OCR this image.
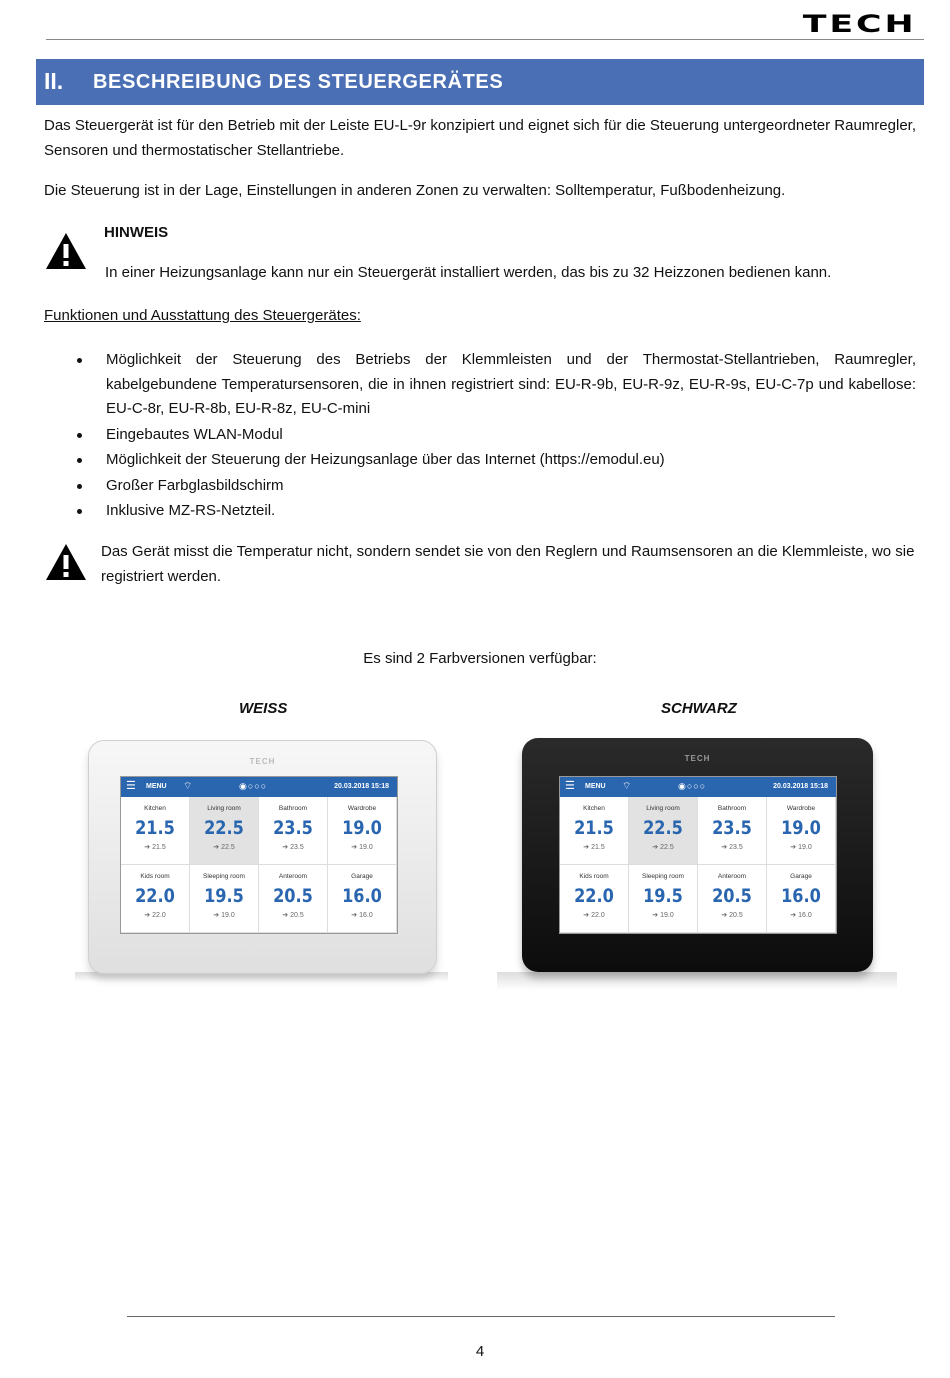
TECH
II. BESCHREIBUNG DES STEUERGERÄTES
Das Steuergerät ist für den Betrieb mit der Leiste EU-L-9r konzipiert und eignet sich für die Steuerung untergeordneter Raumregler, Sensoren und thermostatischer Stellantriebe.
Die Steuerung ist in der Lage, Einstellungen in anderen Zonen zu verwalten: Solltemperatur, Fußbodenheizung.
HINWEIS
In einer Heizungsanlage kann nur ein Steuergerät installiert werden, das bis zu 32 Heizzonen bedienen kann.
Funktionen und Ausstattung des Steuergerätes:
Möglichkeit der Steuerung des Betriebs der Klemmleisten und der Thermostat-Stellantrieben, Raumregler, kabelgebundene Temperatursensoren, die in ihnen registriert sind: EU-R-9b, EU-R-9z, EU-R-9s, EU-C-7p und kabellose: EU-C-8r, EU-R-8b, EU-R-8z, EU-C-mini
Eingebautes WLAN-Modul
Möglichkeit der Steuerung der Heizungsanlage über das Internet (https://emodul.eu)
Großer Farbglasbildschirm
Inklusive MZ-RS-Netzteil.
Das Gerät misst die Temperatur nicht, sondern sendet sie von den Reglern und Raumsensoren an die Klemmleiste, wo sie registriert werden.
Es sind 2 Farbversionen verfügbar:
WEISS	SCHWARZ
TECH
☰ MENU ⌔	◉○○○	20.03.2018 15:18
Kitchen
21.5
➔ 21.5
Living room
22.5
➔ 22.5
Bathroom
23.5
➔ 23.5
Wardrobe
19.0
➔ 19.0
Kids room
22.0
➔ 22.0
Sleeping room
19.5
➔ 19.0
Anteroom
20.5
➔ 20.5
Garage
16.0
➔ 16.0
TECH
☰ MENU ⌔	◉○○○	20.03.2018 15:18
Kitchen
21.5
➔ 21.5
Living room
22.5
➔ 22.5
Bathroom
23.5
➔ 23.5
Wardrobe
19.0
➔ 19.0
Kids room
22.0
➔ 22.0
Sleeping room
19.5
➔ 19.0
Anteroom
20.5
➔ 20.5
Garage
16.0
➔ 16.0
4
